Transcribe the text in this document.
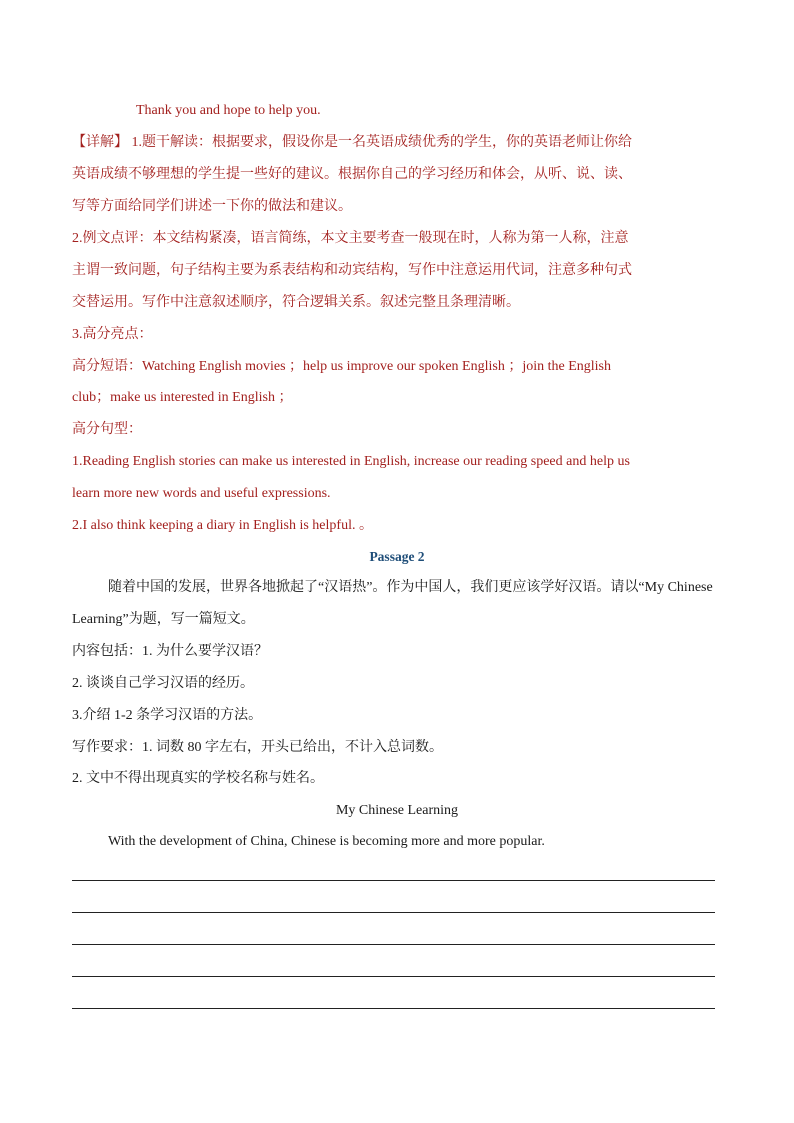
Thank you and hope to help you.
【详解】 1.题干解读：根据要求，假设你是一名英语成绩优秀的学生，你的英语老师让你给
英语成绩不够理想的学生提一些好的建议。根据你自己的学习经历和体会，从听、说、读、
写等方面给同学们讲述一下你的做法和建议。
2.例文点评：本文结构紧凑，语言简练，本文主要考查一般现在时，人称为第一人称，注意
主谓一致问题，句子结构主要为系表结构和动宾结构，写作中注意运用代词，注意多种句式
交替运用。写作中注意叙述顺序，符合逻辑关系。叙述完整且条理清晰。
3.高分亮点：
高分短语：Watching English movies ；help us improve our spoken English ；join the English
club；make us interested in English ；
高分句型：
1.Reading English stories can make us interested in English, increase our reading speed and help us
learn more new words and useful expressions.
2.I also think keeping a diary in English is helpful. 。
Passage 2
随着中国的发展，世界各地掀起了“汉语热”。作为中国人，我们更应该学好汉语。请以“My Chinese
Learning”为题，写一篇短文。
内容包括：1. 为什么要学汉语？
2. 谈谈自己学习汉语的经历。
3.介绍 1-2 条学习汉语的方法。
写作要求：1. 词数 80 字左右，开头已给出，不计入总词数。
2. 文中不得出现真实的学校名称与姓名。
My Chinese Learning
With the development of China, Chinese is becoming more and more popular.
